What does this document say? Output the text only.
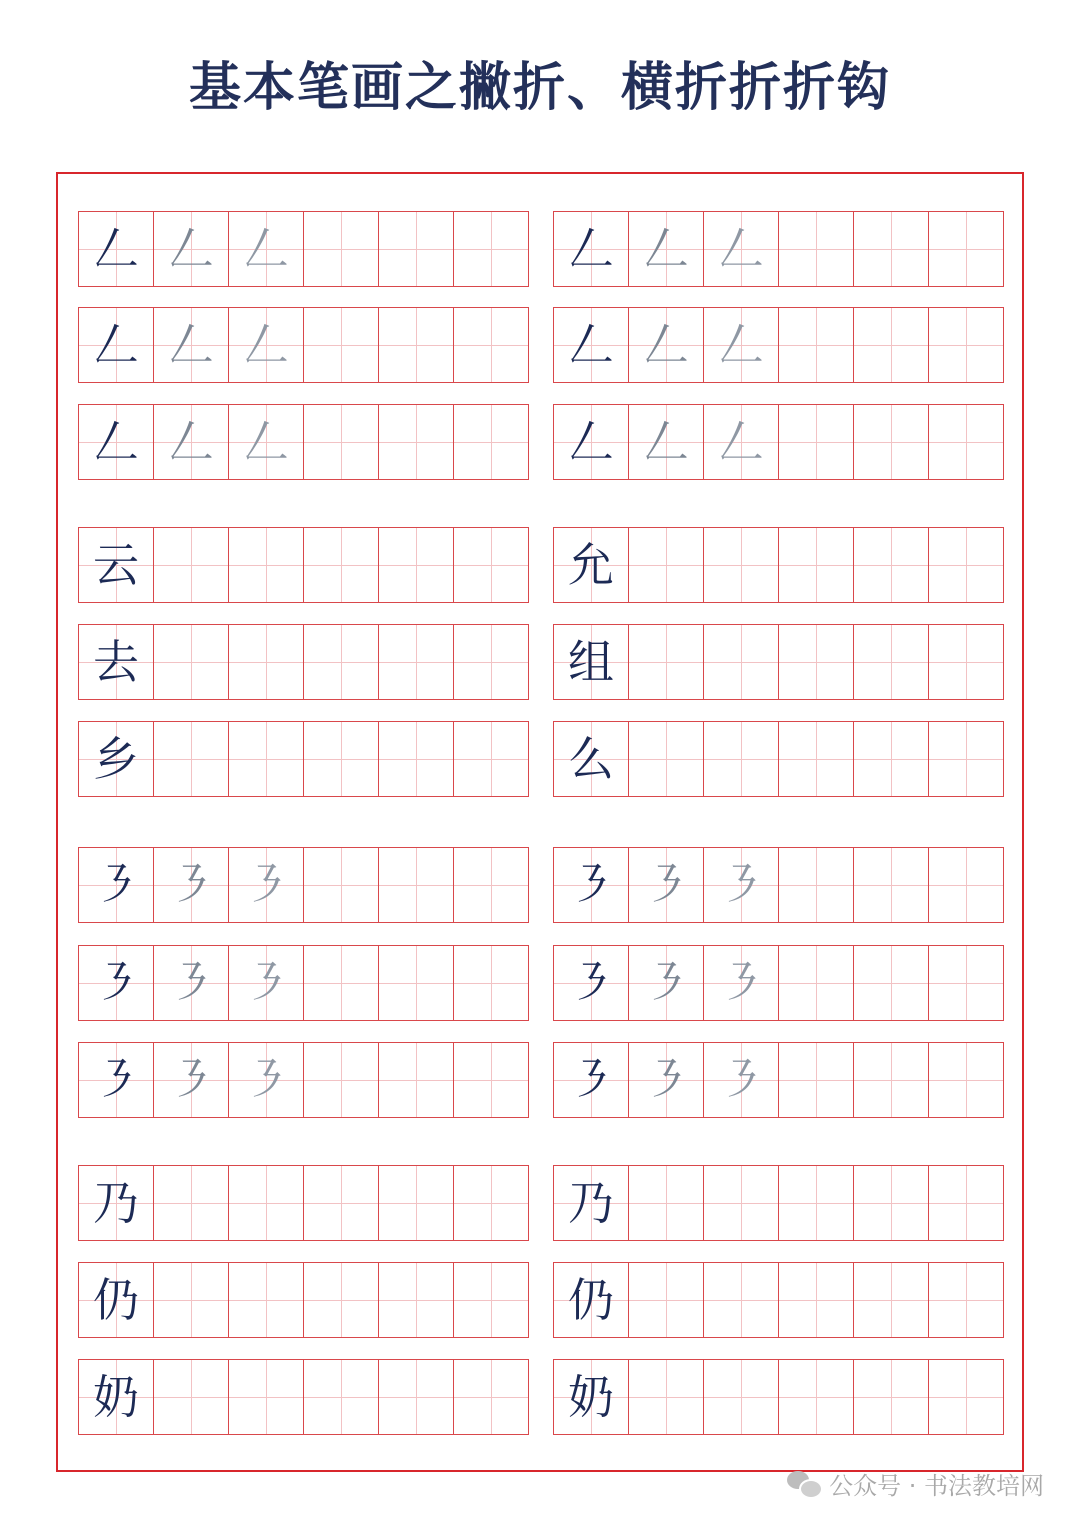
基本笔画之撇折、横折折折钩
𠃋 𠃋 𠃋	𠃋 𠃋 𠃋
𠃋 𠃋 𠃋	𠃋 𠃋 𠃋
𠃋 𠃋 𠃋	𠃋 𠃋 𠃋
云	允
去	组
乡	么
㇋ ㇋ ㇋	㇋ ㇋ ㇋
㇋ ㇋ ㇋	㇋ ㇋ ㇋
㇋ ㇋ ㇋	㇋ ㇋ ㇋
乃	乃
仍	仍
奶	奶
公众号 · 书法教培网
